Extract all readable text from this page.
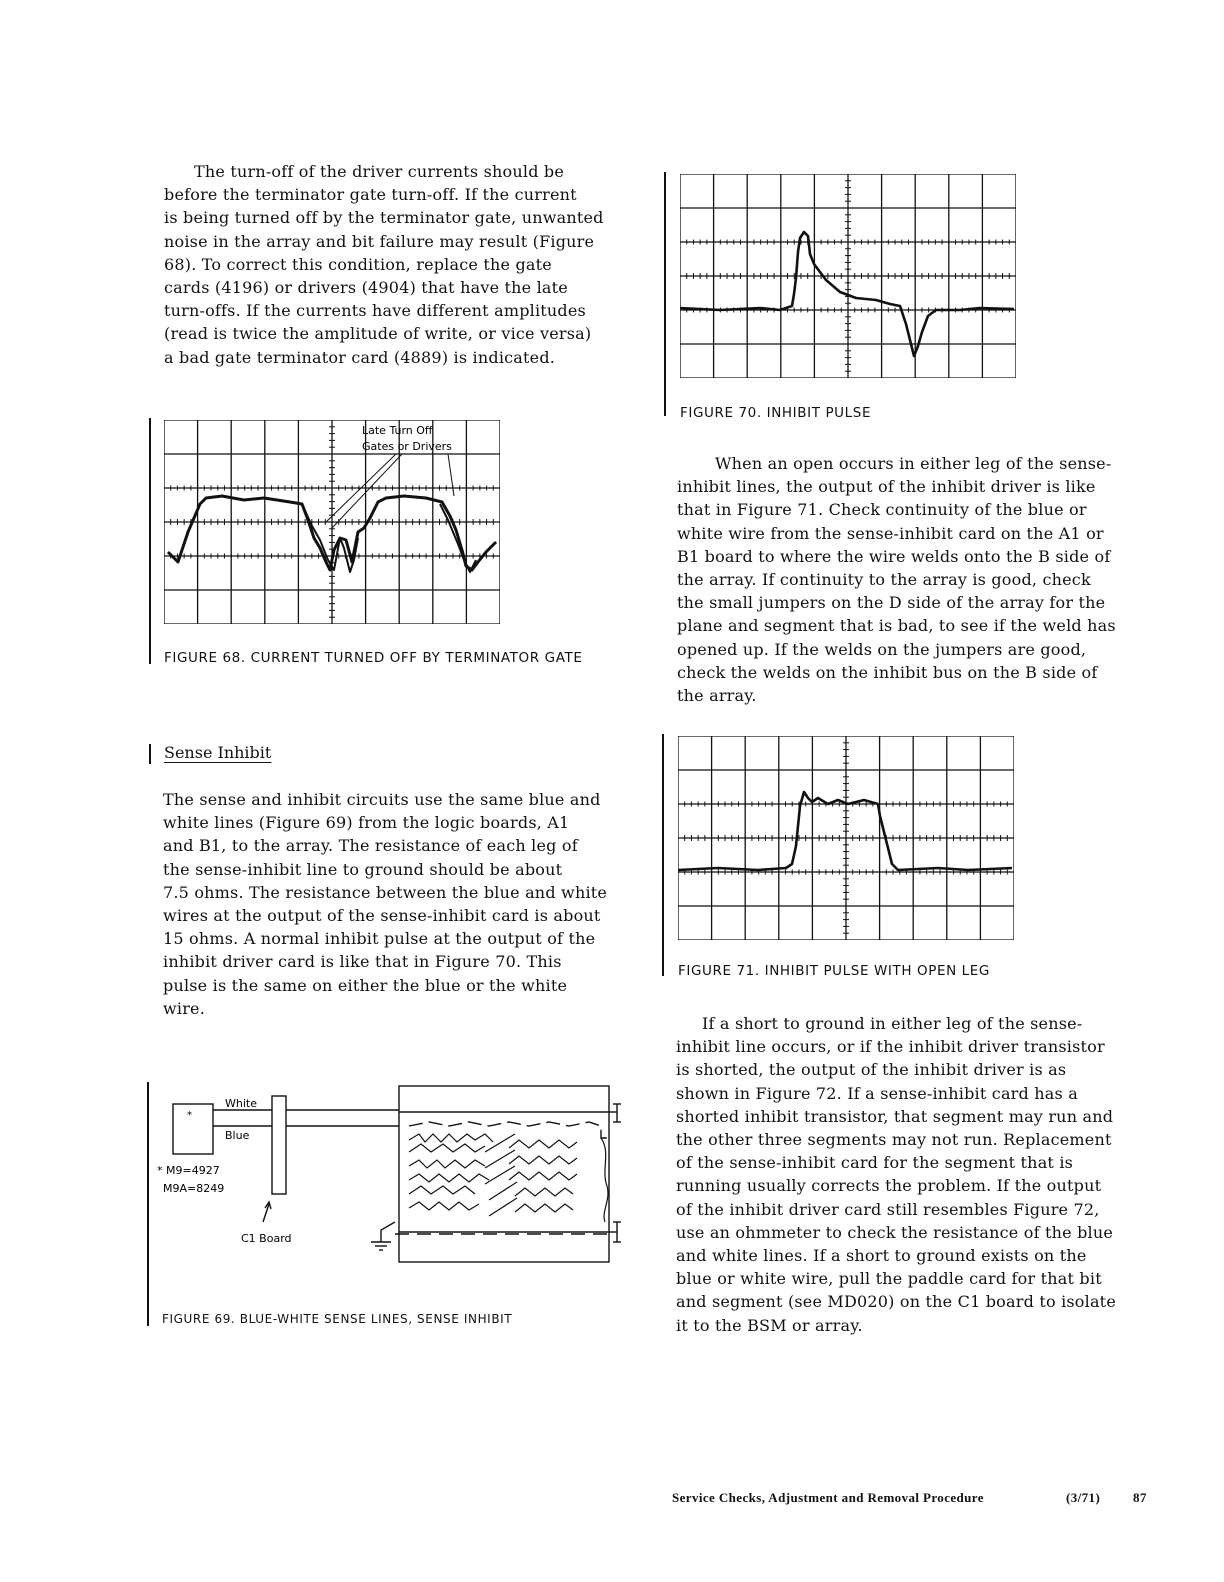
The turn-off of the driver currents should be
before the terminator gate turn-off. If the current
is being turned off by the terminator gate, unwanted
noise in the array and bit failure may result (Figure
68). To correct this condition, replace the gate
cards (4196) or drivers (4904) that have the late
turn-offs. If the currents have different amplitudes
(read is twice the amplitude of write, or vice versa)
a bad gate terminator card (4889) is indicated.
Late Turn Off
Gates or Drivers

FIGURE 68. CURRENT TURNED OFF BY TERMINATOR GATE

Sense Inhibit

The sense and inhibit circuits use the same blue and
white lines (Figure 69) from the logic boards, A1
and B1, to the array. The resistance of each leg of
the sense-inhibit line to ground should be about
7.5 ohms. The resistance between the blue and white
wires at the output of the sense-inhibit card is about
15 ohms. A normal inhibit pulse at the output of the
inhibit driver card is like that in Figure 70. This
pulse is the same on either the blue or the white
wire.
*
White
Blue
* M9=4927
M9A=8249
C1 Board

FIGURE 69. BLUE-WHITE SENSE LINES, SENSE INHIBIT

FIGURE 70. INHIBIT PULSE

When an open occurs in either leg of the sense-
inhibit lines, the output of the inhibit driver is like
that in Figure 71. Check continuity of the blue or
white wire from the sense-inhibit card on the A1 or
B1 board to where the wire welds onto the B side of
the array. If continuity to the array is good, check
the small jumpers on the D side of the array for the
plane and segment that is bad, to see if the weld has
opened up. If the welds on the jumpers are good,
check the welds on the inhibit bus on the B side of
the array.

FIGURE 71. INHIBIT PULSE WITH OPEN LEG

If a short to ground in either leg of the sense-
inhibit line occurs, or if the inhibit driver transistor
is shorted, the output of the inhibit driver is as
shown in Figure 72. If a sense-inhibit card has a
shorted inhibit transistor, that segment may run and
the other three segments may not run. Replacement
of the sense-inhibit card for the segment that is
running usually corrects the problem. If the output
of the inhibit driver card still resembles Figure 72,
use an ohmmeter to check the resistance of the blue
and white lines. If a short to ground exists on the
blue or white wire, pull the paddle card for that bit
and segment (see MD020) on the C1 board to isolate
it to the BSM or array.

Service Checks, Adjustment and Removal Procedure	(3/71)	87
